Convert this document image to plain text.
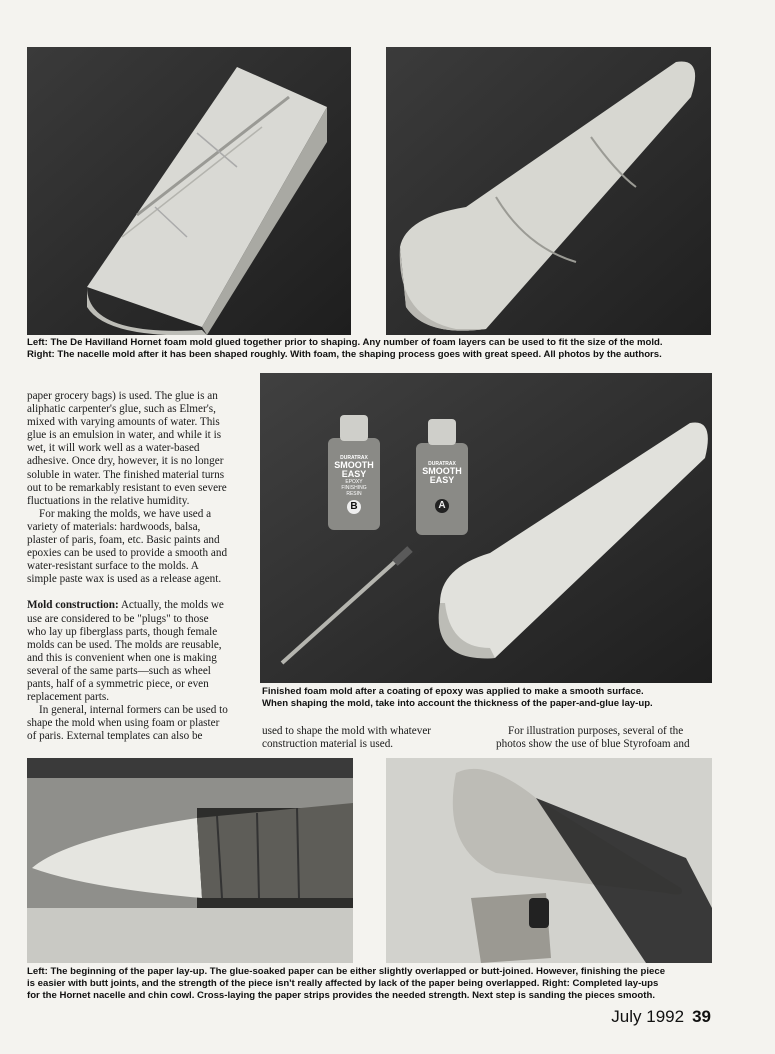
Left: The De Havilland Hornet foam mold glued together prior to shaping. Any number of foam layers can be used to fit the size of the mold.
Right: The nacelle mold after it has been shaped roughly. With foam, the shaping process goes with great speed. All photos by the authors.
DURATRAX
SMOOTH
EASY
EPOXY
FINISHING
RESIN
B
DURATRAX
SMOOTH
EASY
A
Finished foam mold after a coating of epoxy was applied to make a smooth surface.
When shaping the mold, take into account the thickness of the paper-and-glue lay-up.

paper grocery bags) is used. The glue is an

aliphatic carpenter's glue, such as Elmer's,

mixed with varying amounts of water. This

glue is an emulsion in water, and while it is

wet, it will work well as a water-based

adhesive. Once dry, however, it is no longer

soluble in water. The finished material turns

out to be remarkably resistant to even severe

fluctuations in the relative humidity.

For making the molds, we have used a

variety of materials: hardwoods, balsa,

plaster of paris, foam, etc. Basic paints and

epoxies can be used to provide a smooth and

water-resistant surface to the molds. A

simple paste wax is used as a release agent.

Mold construction: Actually, the molds we

use are considered to be "plugs" to those

who lay up fiberglass parts, though female

molds can be used. The molds are reusable,

and this is convenient when one is making

several of the same parts—such as wheel

pants, half of a symmetric piece, or even

replacement parts.

In general, internal formers can be used to

shape the mold when using foam or plaster

of paris. External templates can also be	used to shape the mold with whatever

construction material is used.

For illustration purposes, several of the

photos show the use of blue Styrofoam and

Left: The beginning of the paper lay-up. The glue-soaked paper can be either slightly overlapped or butt-joined. However, finishing the piece
is easier with butt joints, and the strength of the piece isn't really affected by lack of the paper being overlapped. Right: Completed lay-ups
for the Hornet nacelle and chin cowl. Cross-laying the paper strips provides the needed strength. Next step is sanding the pieces smooth.
July 1992 39
